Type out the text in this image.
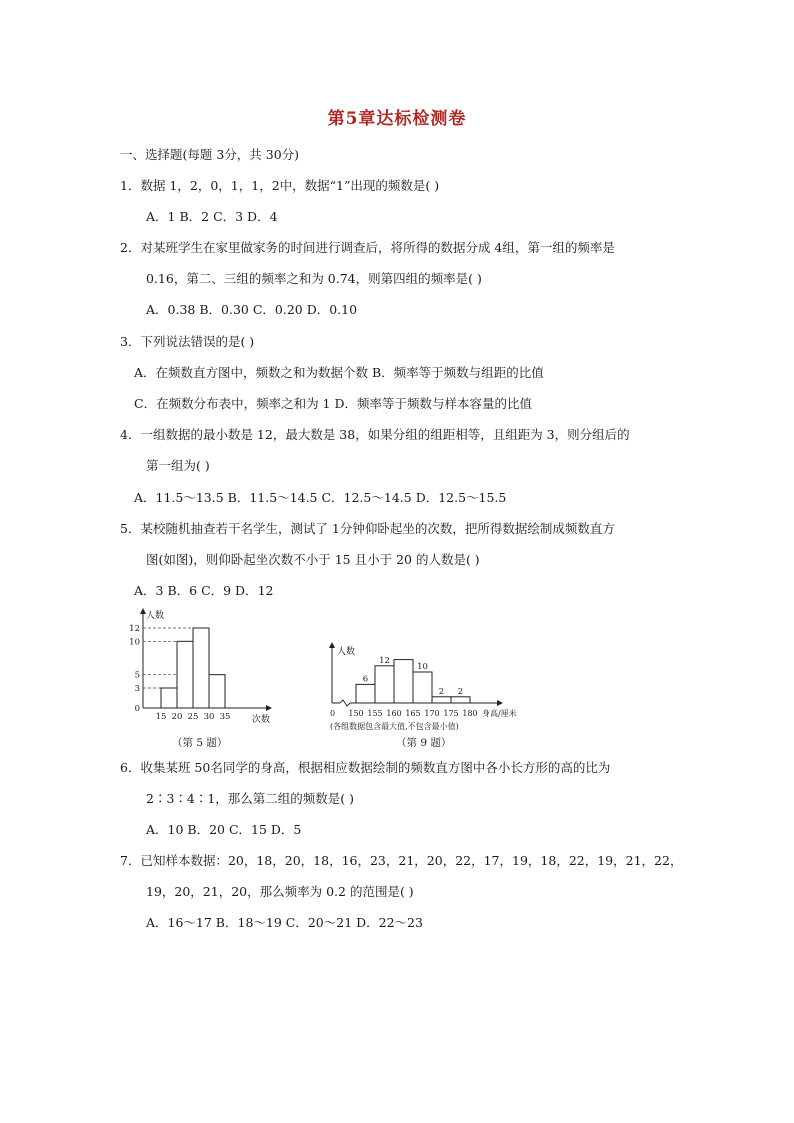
第5章达标检测卷
一、选择题(每题 3分，共 30分)
1．数据 1，2，0，1，1，2中，数据“1”出现的频数是( )
A．1 B．2 C．3 D．4
2．对某班学生在家里做家务的时间进行调查后，将所得的数据分成 4组，第一组的频率是
0.16，第二、三组的频率之和为 0.74，则第四组的频率是( )
A．0.38 B．0.30 C．0.20 D．0.10
3．下列说法错误的是( )
A．在频数直方图中，频数之和为数据个数 B．频率等于频数与组距的比值
C．在频数分布表中，频率之和为 1 D．频率等于频数与样本容量的比值
4．一组数据的最小数是 12，最大数是 38，如果分组的组距相等，且组距为 3，则分组后的
第一组为( )
A．11.5～13.5 B．11.5～14.5 C．12.5～14.5 D．12.5～15.5
5．某校随机抽查若干名学生，测试了 1分钟仰卧起坐的次数，把所得数据绘制成频数直方
图(如图)，则仰卧起坐次数不小于 15 且小于 20 的人数是( )
A．3 B．6 C．9 D．12
人数
次数
0
3
5
10
12
15 20 25 30 35
（第 5 题）
人数
6
12
10
2 2
0 150 155 160 165 170 175 180 身高/厘米
(各组数据包含最大值,不包含最小值)
（第 9 题）
6．收集某班 50名同学的身高，根据相应数据绘制的频数直方图中各小长方形的高的比为
2∶3∶4∶1，那么第二组的频数是( )
A．10 B．20 C．15 D．5
7．已知样本数据：20，18，20，18，16，23，21，20，22，17，19，18，22，19，21，22，
19，20，21，20，那么频率为 0.2 的范围是( )
A．16～17 B．18～19 C．20～21 D．22～23
